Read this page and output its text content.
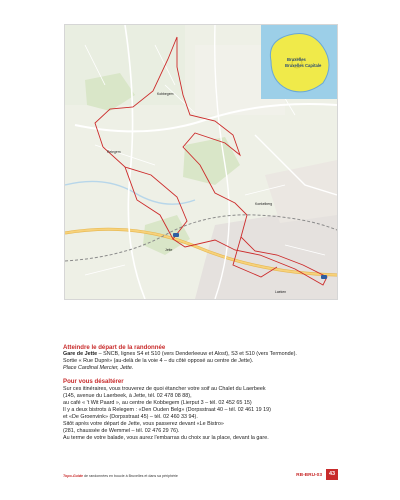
Jette
Relegem
Kobbegem
Laeken
Koekelberg
Bruxelles
Bruxelles Capitale
Atteindre le départ de la randonnée

Gare de Jette – SNCB, lignes S4 et S10 (vers Denderleeuw et Alost), S3 et S10 (vers Termonde).

Sortie « Rue Dupré» (au-delà de la voie 4 – du côté opposé au centre de Jette).

Place Cardinal Mercier, Jette.

Pour vous désaltérer

Sur ces itinéraires, vous trouverez de quoi étancher votre soif au Chalet du Laerbeek

(145, avenue du Laerbeek, à Jette, tél. 02 478 08 88),

au café « 't Wit Paard », au centre de Kobbegem (Lierput 3 – tél. 02 452 65 15)

Il y a deux bistrots à Relegem : «Den Ouden Belg» (Dorpsstraat 40 – tél. 02 461 19 19)

et «De Groenvink» (Dorpsstraat 45) – tél. 02 460 33 94).

Sitôt après votre départ de Jette, vous passerez devant «Le Bistro»

(281, chaussée de Wemmel – tél. 02 476 29 76).

Au terme de votre balade, vous aurez l'embarras du choix sur la place, devant la gare.

Topo-Guide de randonnées en boucle à Bruxelles et dans sa périphérie	RB-BRU-03	43
